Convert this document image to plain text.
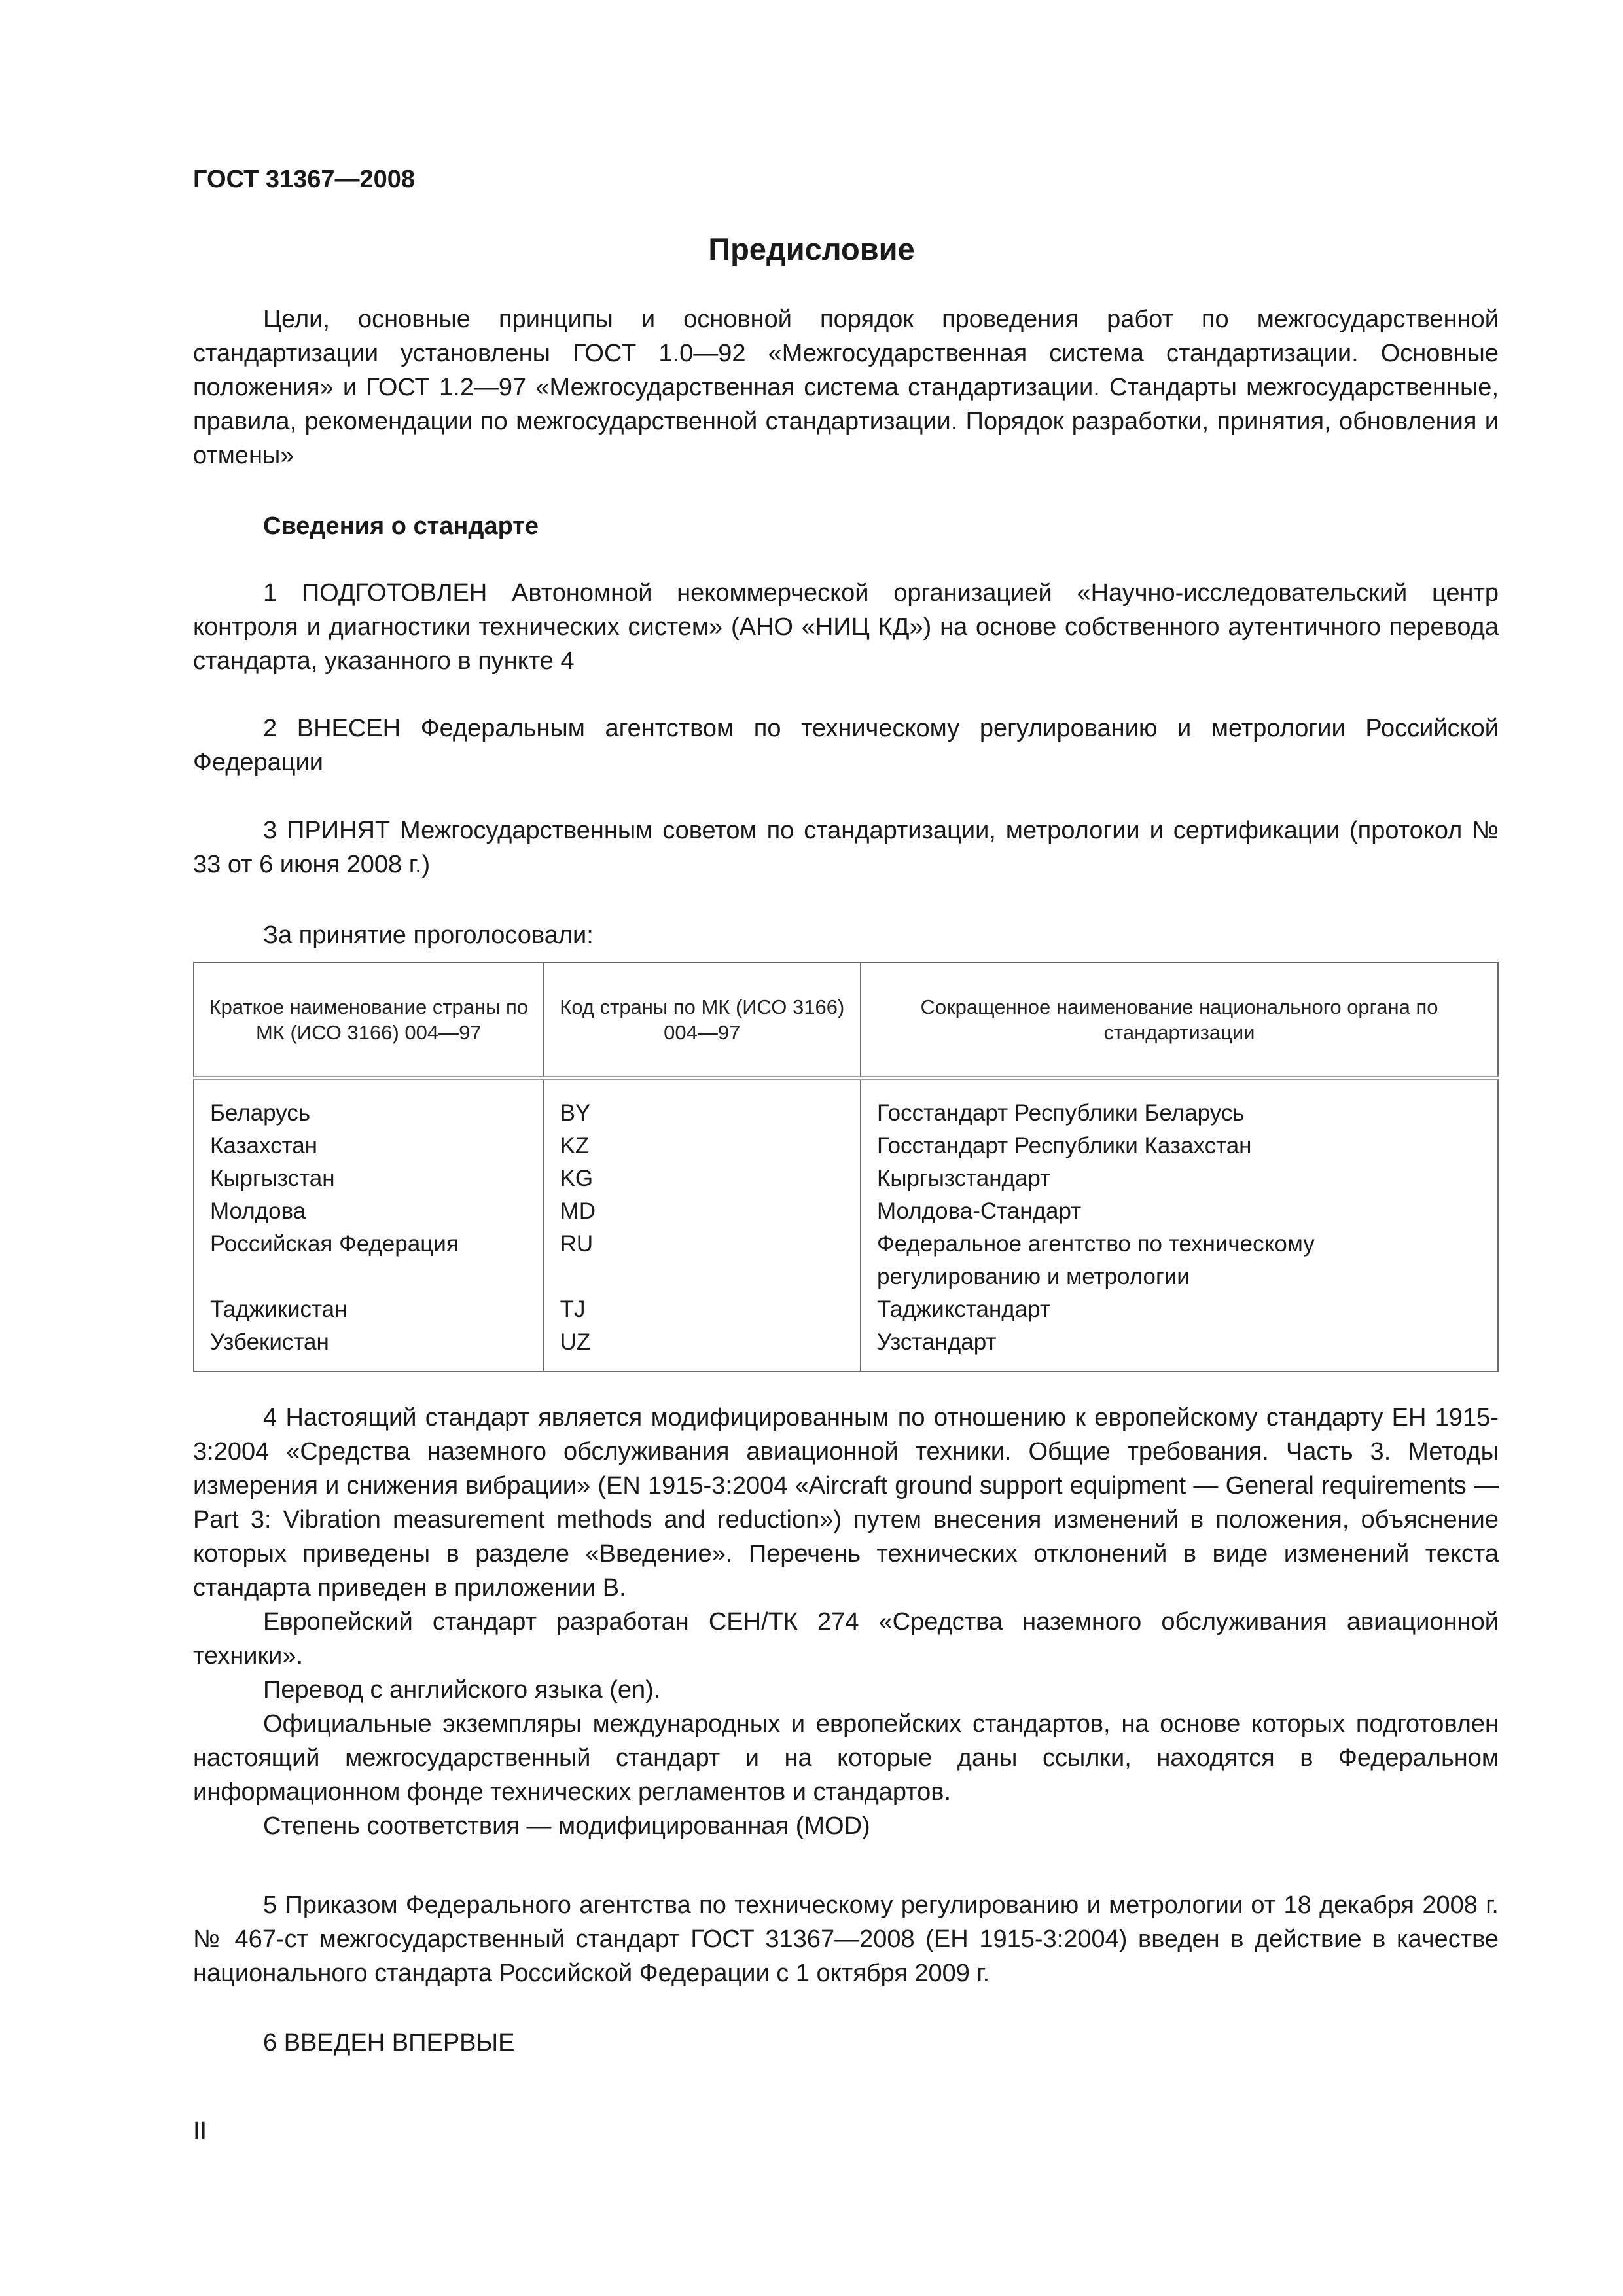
ГОСТ 31367—2008
Предисловие

Цели, основные принципы и основной порядок проведения работ по межгосударственной стандартизации установлены ГОСТ 1.0—92 «Межгосударственная система стандартизации. Основные положения» и ГОСТ 1.2—97 «Межгосударственная система стандартизации. Стандарты межгосударственные, правила, рекомендации по межгосударственной стандартизации. Порядок разработки, принятия, обновления и отмены»

Сведения о стандарте

1 ПОДГОТОВЛЕН Автономной некоммерческой организацией «Научно-исследовательский центр контроля и диагностики технических систем» (АНО «НИЦ КД») на основе собственного аутентичного перевода стандарта, указанного в пункте 4

2 ВНЕСЕН Федеральным агентством по техническому регулированию и метрологии Российской Федерации

3 ПРИНЯТ Межгосударственным советом по стандартизации, метрологии и сертификации (протокол № 33 от 6 июня 2008 г.)

За принятие проголосовали:
Краткое наименование страны по МК (ИСО 3166) 004—97	Код страны по МК (ИСО 3166) 004—97	Сокращенное наименование национального органа по стандартизации
Беларусь	BY	Госстандарт Республики Беларусь
Казахстан	KZ	Госстандарт Республики Казахстан
Кыргызстан	KG	Кыргызстандарт
Молдова	MD	Молдова-Стандарт
Российская Федерация	RU	Федеральное агентство по техническому регулированию и метрологии
Таджикистан	TJ	Таджикстандарт
Узбекистан	UZ	Узстандарт

4 Настоящий стандарт является модифицированным по отношению к европейскому стандарту ЕН 1915-3:2004 «Средства наземного обслуживания авиационной техники. Общие требования. Часть 3. Методы измерения и снижения вибрации» (EN 1915-3:2004 «Aircraft ground support equipment — General requirements — Part 3: Vibration measurement methods and reduction») путем внесения изменений в положения, объяснение которых приведены в разделе «Введение». Перечень технических отклонений в виде изменений текста стандарта приведен в приложении В.

Европейский стандарт разработан СЕН/ТК 274 «Средства наземного обслуживания авиационной техники».

Перевод с английского языка (en).

Официальные экземпляры международных и европейских стандартов, на основе которых подготовлен настоящий межгосударственный стандарт и на которые даны ссылки, находятся в Федеральном информационном фонде технических регламентов и стандартов.

Степень соответствия — модифицированная (MOD)

5 Приказом Федерального агентства по техническому регулированию и метрологии от 18 декабря 2008 г. № 467-ст межгосударственный стандарт ГОСТ 31367—2008 (ЕН 1915-3:2004) введен в действие в качестве национального стандарта Российской Федерации с 1 октября 2009 г.

6 ВВЕДЕН ВПЕРВЫЕ
II
